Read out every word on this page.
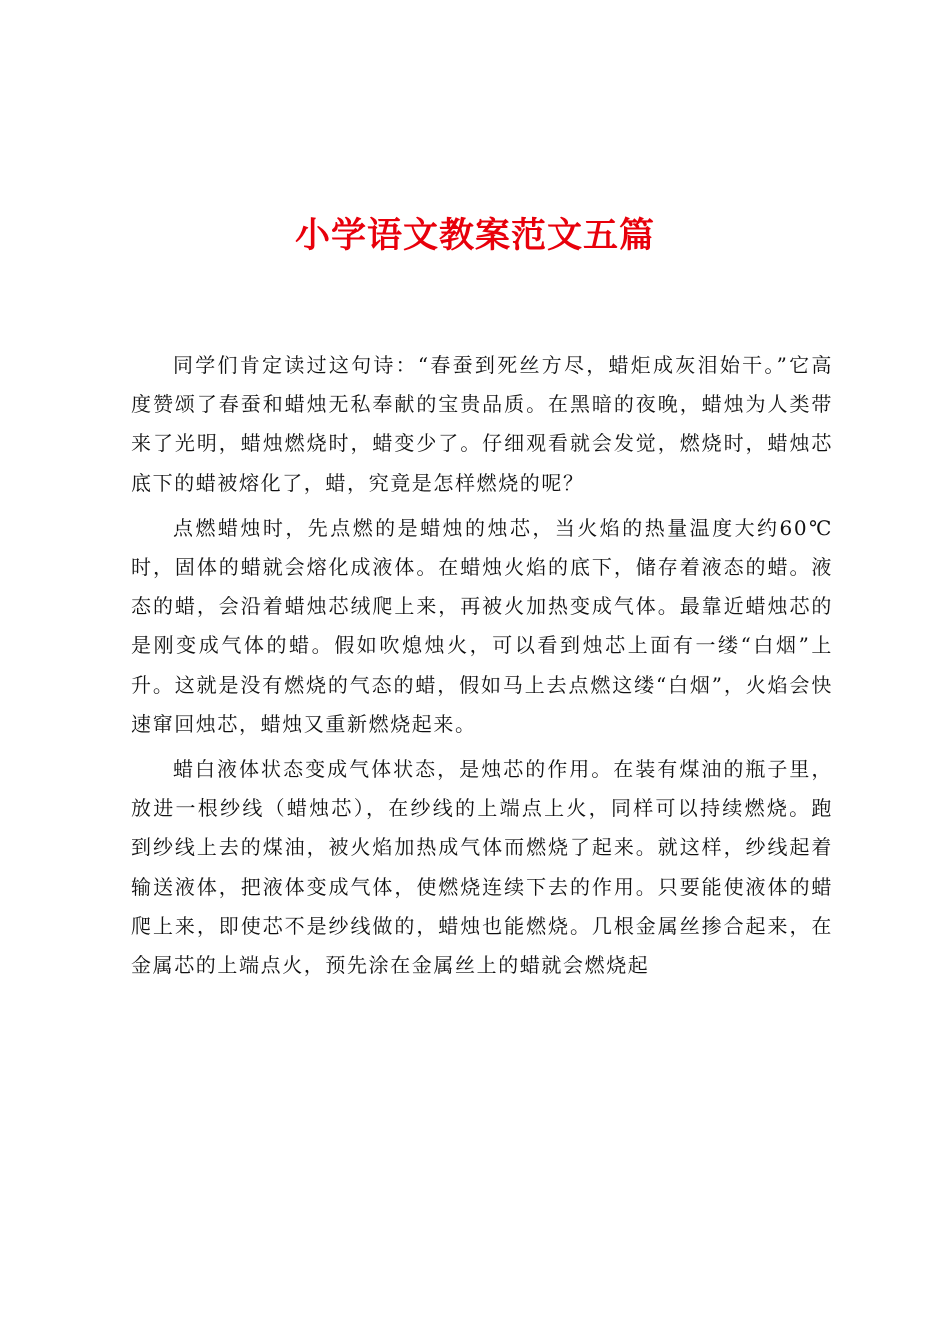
小学语文教案范文五篇

同学们肯定读过这句诗：“春蚕到死丝方尽，蜡炬成灰泪始干。”它高度赞颂了春蚕和蜡烛无私奉献的宝贵品质。在黑暗的夜晚，蜡烛为人类带来了光明，蜡烛燃烧时，蜡变少了。仔细观看就会发觉，燃烧时，蜡烛芯底下的蜡被熔化了，蜡，究竟是怎样燃烧的呢？

点燃蜡烛时，先点燃的是蜡烛的烛芯，当火焰的热量温度大约60℃时，固体的蜡就会熔化成液体。在蜡烛火焰的底下，储存着液态的蜡。液态的蜡，会沿着蜡烛芯绒爬上来，再被火加热变成气体。最靠近蜡烛芯的是刚变成气体的蜡。假如吹熄烛火，可以看到烛芯上面有一缕“白烟”上升。这就是没有燃烧的气态的蜡，假如马上去点燃这缕“白烟”，火焰会快速窜回烛芯，蜡烛又重新燃烧起来。

蜡白液体状态变成气体状态，是烛芯的作用。在装有煤油的瓶子里，放进一根纱线（蜡烛芯），在纱线的上端点上火，同样可以持续燃烧。跑到纱线上去的煤油，被火焰加热成气体而燃烧了起来。就这样，纱线起着输送液体，把液体变成气体，使燃烧连续下去的作用。只要能使液体的蜡爬上来，即使芯不是纱线做的，蜡烛也能燃烧。几根金属丝掺合起来，在金属芯的上端点火，预先涂在金属丝上的蜡就会燃烧起
